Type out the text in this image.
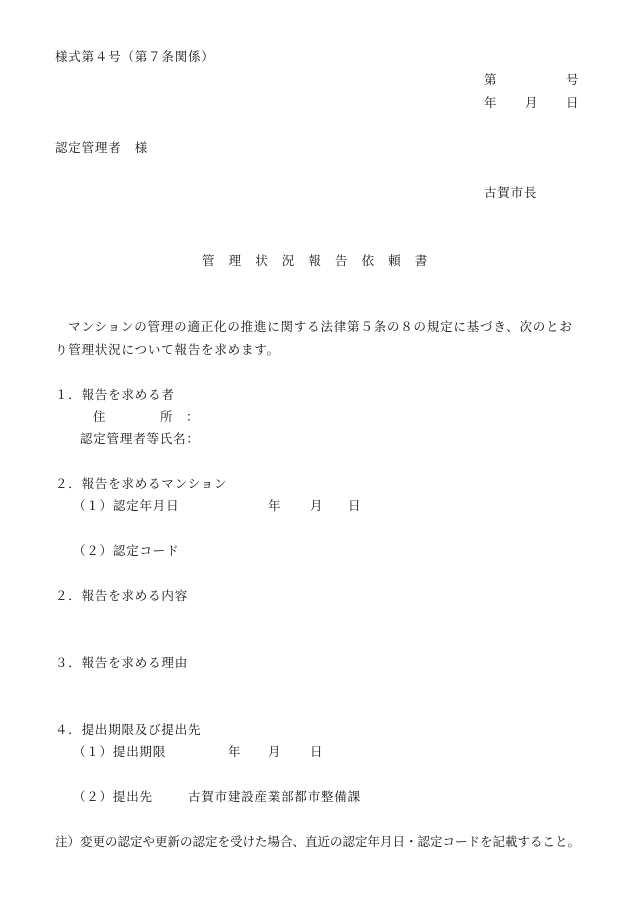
様式第４号（第７条関係）
第	号
年 月 日
認定管理者　様
古賀市長
管　理　状　況　報　告　依　頼　書
　マンションの管理の適正化の推進に関する法律第５条の８の規定に基づき、次のとお
り管理状況について報告を求めます。
１．報告を求める者
住	所 ：
認定管理者等氏名：
２．報告を求めるマンション
（１）認定年月日	年 月 日
（２）認定コード
２．報告を求める内容
３．報告を求める理由
４．提出期限及び提出先
（１）提出期限	年 月 日
（２）提出先	古賀市建設産業部都市整備課
注）変更の認定や更新の認定を受けた場合、直近の認定年月日・認定コードを記載すること。
